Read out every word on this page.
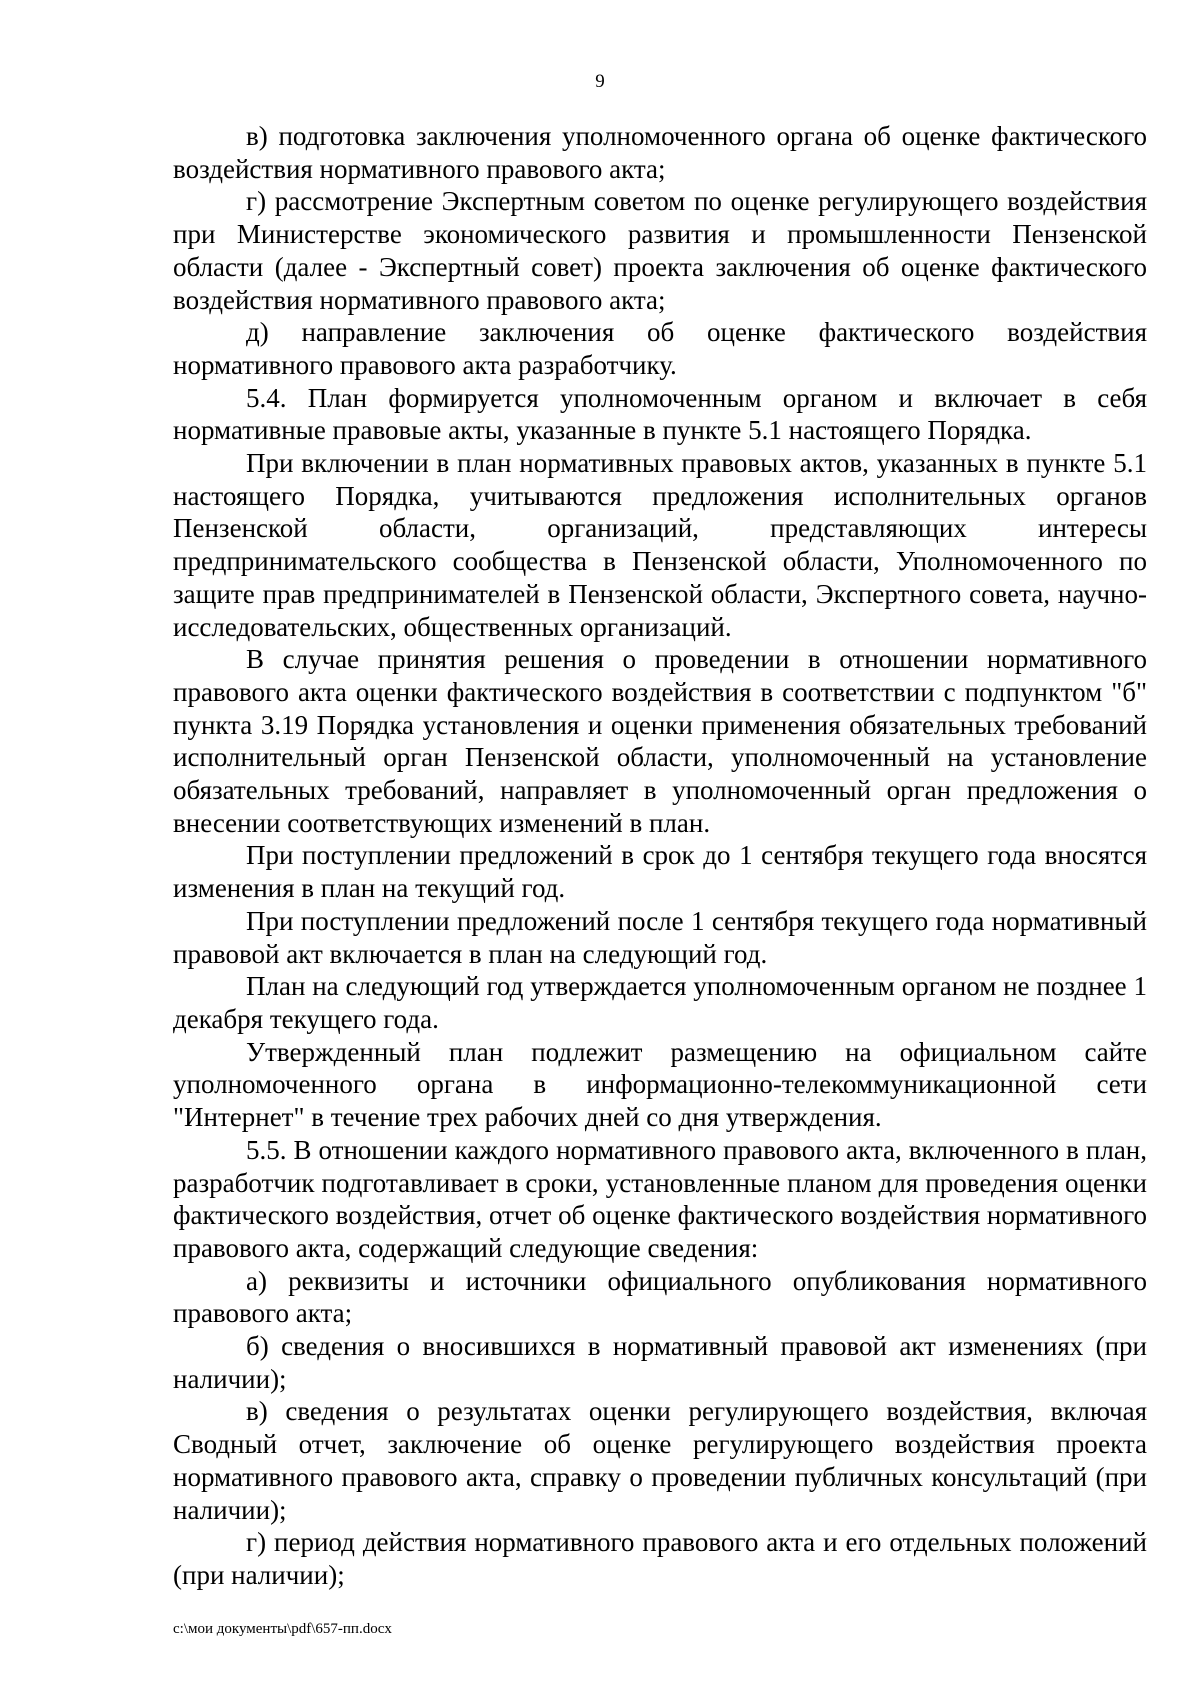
9

в) подготовка заключения уполномоченного органа об оценке фактического воздействия нормативного правового акта;

г) рассмотрение Экспертным советом по оценке регулирующего воздействия при Министерстве экономического развития и промышленности Пензенской области (далее - Экспертный совет) проекта заключения об оценке фактического воздействия нормативного правового акта;

д) направление заключения об оценке фактического воздействия нормативного правового акта разработчику.

5.4. План формируется уполномоченным органом и включает в себя нормативные правовые акты, указанные в пункте 5.1 настоящего Порядка.

При включении в план нормативных правовых актов, указанных в пункте 5.1 настоящего Порядка, учитываются предложения исполнительных органов Пензенской области, организаций, представляющих интересы предпринимательского сообщества в Пензенской области, Уполномоченного по защите прав предпринимателей в Пензенской области, Экспертного совета, научно-исследовательских, общественных организаций.

В случае принятия решения о проведении в отношении нормативного правового акта оценки фактического воздействия в соответствии с подпунктом "б" пункта 3.19 Порядка установления и оценки применения обязательных требований исполнительный орган Пензенской области, уполномоченный на установление обязательных требований, направляет в уполномоченный орган предложения о внесении соответствующих изменений в план.

При поступлении предложений в срок до 1 сентября текущего года вносятся изменения в план на текущий год.

При поступлении предложений после 1 сентября текущего года нормативный правовой акт включается в план на следующий год.

План на следующий год утверждается уполномоченным органом не позднее 1 декабря текущего года.

Утвержденный план подлежит размещению на официальном сайте уполномоченного органа в информационно-телекоммуникационной сети "Интернет" в течение трех рабочих дней со дня утверждения.

5.5. В отношении каждого нормативного правового акта, включенного в план, разработчик подготавливает в сроки, установленные планом для проведения оценки фактического воздействия, отчет об оценке фактического воздействия нормативного правового акта, содержащий следующие сведения:

а) реквизиты и источники официального опубликования нормативного правового акта;

б) сведения о вносившихся в нормативный правовой акт изменениях (при наличии);

в) сведения о результатах оценки регулирующего воздействия, включая Сводный отчет, заключение об оценке регулирующего воздействия проекта нормативного правового акта, справку о проведении публичных консультаций (при наличии);

г) период действия нормативного правового акта и его отдельных положений (при наличии);

c:\мои документы\pdf\657-пп.docx
